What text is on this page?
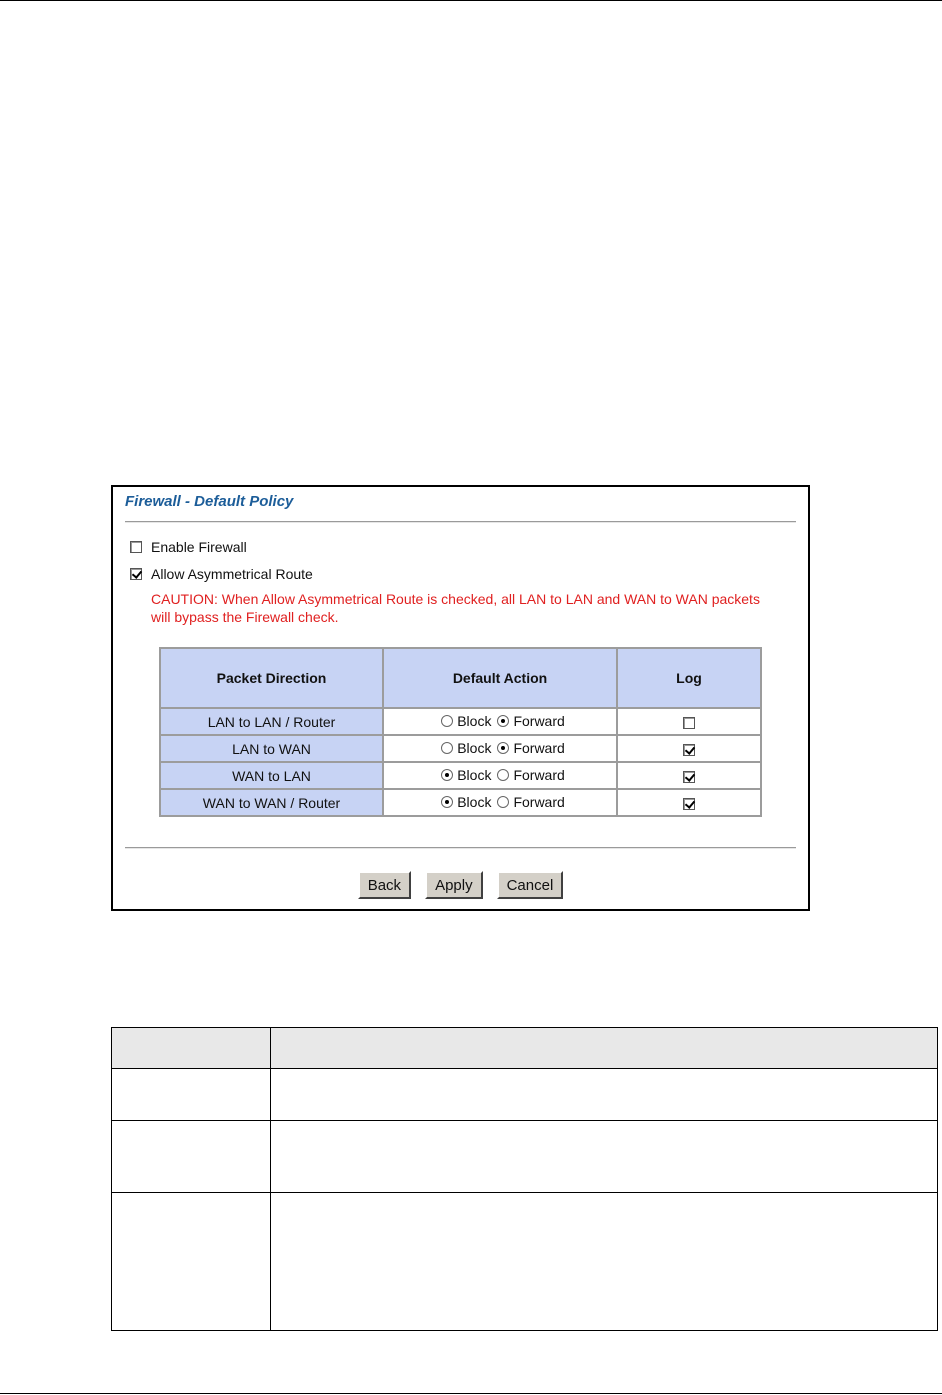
Firewall - Default Policy
Enable Firewall
Allow Asymmetrical Route
CAUTION: When Allow Asymmetrical Route is checked, all LAN to LAN and WAN to WAN packets
will bypass the Firewall check.
Packet Direction	Default Action	Log
LAN to LAN / Router	Block Forward	

LAN to WAN	Block Forward	

WAN to LAN	Block Forward	

WAN to WAN / Router	Block Forward	

Back	Apply	Cancel
